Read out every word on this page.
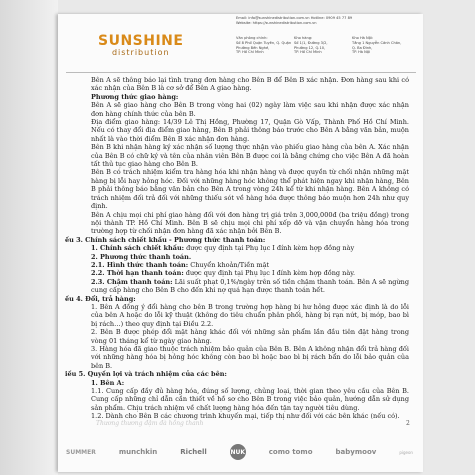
SUNSHINE
distribution
Email: info@sunshinedistribution.com.vn Hotline: 0909 45 77 89
Website: https://sunshinedistribution.com.vn
Văn phòng chính:
Số 8 Phố Quận Tuyên, Q. Quận
Phường Bến Nghé,
TP. Hồ Chí Minh
Kho hàng:
Số 1/1, Đường 3/2,
Phường 12, Q.10,
TP. Hồ Chí Minh
Kho Hà Nội:
Tầng 1 Nguyễn Cảnh Chân,
Q. Ba Đình,
TP. Hà Nội

Bên A sẽ thông báo lại tình trạng đơn hàng cho Bên B để Bên B xác nhận. Đơn hàng sau khi có xác nhận của Bên B là cơ sở để Bên A giao hàng.

Phương thức giao hàng:

Bên A sẽ giao hàng cho Bên B trong vòng hai (02) ngày làm việc sau khi nhận được xác nhận đơn hàng chính thức của bên B.

Địa điểm giao hàng: 14/39 Lê Thị Hồng, Phường 17, Quận Gò Vấp, Thành Phố Hồ Chí Minh. Nếu có thay đổi địa điểm giao hàng, Bên B phải thông báo trước cho Bên A bằng văn bản, muộn nhất là vào thời điểm Bên B xác nhận đơn hàng.

Bên B khi nhận hàng ký xác nhận số lượng thực nhận vào phiếu giao hàng của bên A. Xác nhận của Bên B có chữ ký và tên của nhân viên Bên B được coi là bằng chứng cho việc Bên A đã hoàn tất thủ tục giao hàng cho Bên B.

Bên B có trách nhiệm kiểm tra hàng hóa khi nhận hàng và được quyền từ chối nhận những mặt hàng bị lỗi hay hỏng hóc. Đối với những hàng hóc không thể phát hiện ngay khi nhận hàng, Bên B phải thông báo bằng văn bản cho Bên A trong vòng 24h kể từ khi nhận hàng. Bên A không có trách nhiệm đối trả đối với những thiếu sót về hàng hóa được thông báo muộn hơn 24h như quy định.

Bên A chịu mọi chi phí giao hàng đối với đơn hàng trị giá trên 3,000,000đ (ba triệu đồng) trong nội thành TP. Hồ Chí Minh. Bên B sẽ chịu mọi chi phí xếp dỡ và vận chuyển hàng hóa trong trường hợp từ chối nhận đơn hàng đã xác nhận bởi Bên B.

ều 3. Chính sách chiết khấu - Phương thức thanh toán:

1. Chính sách chiết khấu: được quy định tại Phụ lục I đính kèm hợp đồng này

2. Phương thức thanh toán.

2.1. Hình thức thanh toán: Chuyển khoản/Tiền mặt

2.2. Thời hạn thanh toán: được quy định tại Phụ lục I đính kèm hợp đồng này.

2.3. Chậm thanh toán: Lãi suất phạt 0,1%/ngày trên số tiền chậm thanh toán. Bên A sẽ ngừng cung cấp hàng cho Bên B cho đến khi nợ quá hạn được thanh toán hết.

ều 4. Đổi, trả hàng:

1. Bên A đồng ý đổi hàng cho bên B trong trường hợp hàng bị hư hỏng được xác định là do lỗi của bên A hoặc do lỗi kỹ thuật (không do tiêu chuẩn phân phối, hàng bị rạn nứt, bị móp, bao bì bị rách…) theo quy định tại Điều 2.2.

2. Bên B được phép đổi mặt hàng khác đối với những sản phẩm lần đầu tiên đặt hàng trong vòng 01 tháng kể từ ngày giao hàng.

3. Hàng hóa đã giao thuộc trách nhiệm bảo quản của Bên B. Bên A không nhận đổi trả hàng đối với những hàng hóa bị hỏng hóc không còn bao bì hoặc bao bì bị rách bẩn do lỗi bảo quản của bên B.

iều 5. Quyền lợi và trách nhiệm của các bên:

1. Bên A:

1.1. Cung cấp đầy đủ hàng hóa, đúng số lượng, chủng loại, thời gian theo yêu cầu của Bên B. Cung cấp những chỉ dẫn cần thiết về hồ sơ cho Bên B trong việc bảo quản, hướng dẫn sử dụng sản phẩm. Chịu trách nhiệm về chất lượng hàng hóa đến tận tay người tiêu dùng.

1.2. Dành cho Bên B các chương trình khuyến mại, tiếp thị như đối với các bên khác (nếu có).

Thương thương đậm đà hồng thanh	2
SUMMER	munchkin	Richell	NUK	como tomo	babymoov	pigeon
